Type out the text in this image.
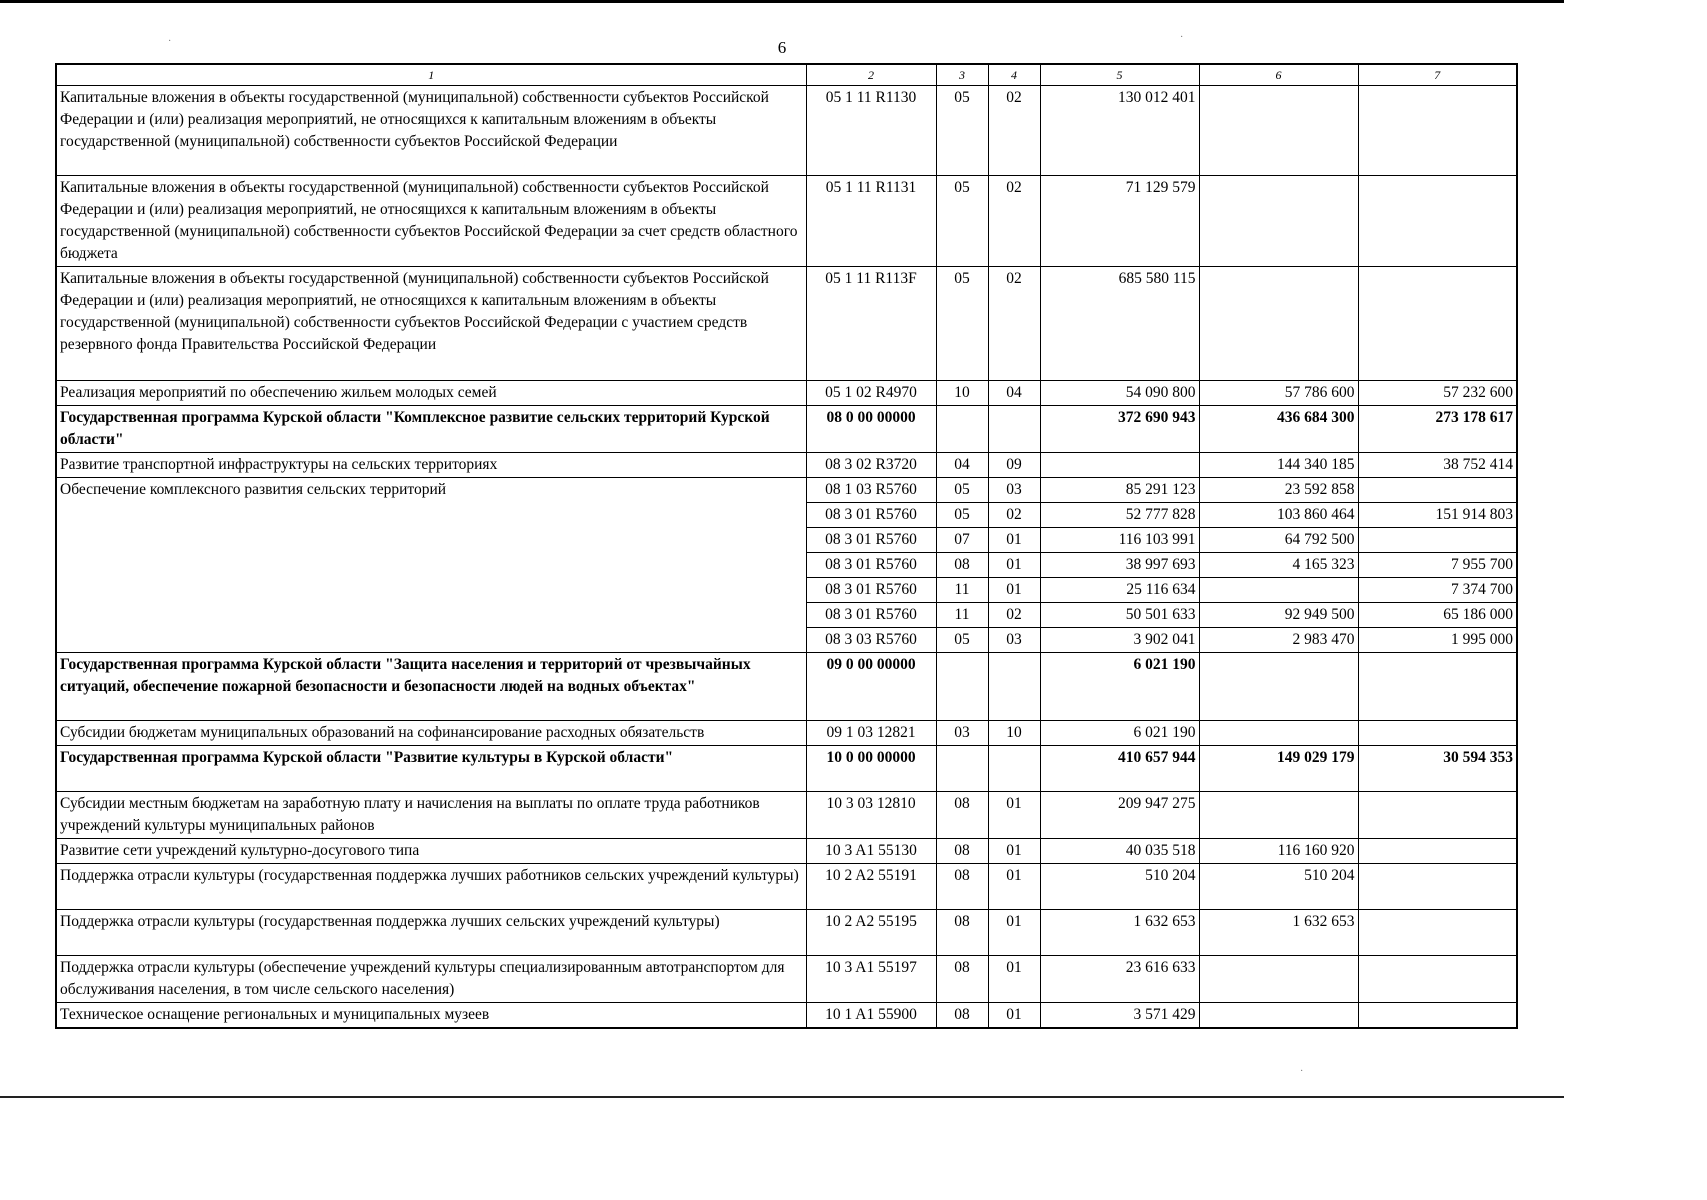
·	·
6
1	2	3	4	5	6	7
Капитальные вложения в объекты государственной (муниципальной) собственности субъектов Российской Федерации и (или) реализация мероприятий, не относящихся к капитальным вложениям в объекты государственной (муниципальной) собственности субъектов Российской Федерации	05 1 11 R1130	05	02	130 012 401		
Капитальные вложения в объекты государственной (муниципальной) собственности субъектов Российской Федерации и (или) реализация мероприятий, не относящихся к капитальным вложениям в объекты государственной (муниципальной) собственности субъектов Российской Федерации за счет средств областного бюджета	05 1 11 R1131	05	02	71 129 579		
Капитальные вложения в объекты государственной (муниципальной) собственности субъектов Российской Федерации и (или) реализация мероприятий, не относящихся к капитальным вложениям в объекты государственной (муниципальной) собственности субъектов Российской Федерации с участием средств резервного фонда Правительства Российской Федерации	05 1 11 R113F	05	02	685 580 115		
Реализация мероприятий по обеспечению жильем молодых семей	05 1 02 R4970	10	04	54 090 800	57 786 600	57 232 600
Государственная программа Курской области "Комплексное развитие сельских территорий Курской области"	08 0 00 00000			372 690 943	436 684 300	273 178 617
Развитие транспортной инфраструктуры на сельских территориях	08 3 02 R3720	04	09		144 340 185	38 752 414
Обеспечение комплексного развития сельских территорий	08 1 03 R5760	05	03	85 291 123	23 592 858	
	08 3 01 R5760	05	02	52 777 828	103 860 464	151 914 803
	08 3 01 R5760	07	01	116 103 991	64 792 500	
	08 3 01 R5760	08	01	38 997 693	4 165 323	7 955 700
	08 3 01 R5760	11	01	25 116 634		7 374 700
	08 3 01 R5760	11	02	50 501 633	92 949 500	65 186 000
	08 3 03 R5760	05	03	3 902 041	2 983 470	1 995 000
Государственная программа Курской области "Защита населения и территорий от чрезвычайных ситуаций, обеспечение пожарной безопасности и безопасности людей на водных объектах"	09 0 00 00000			6 021 190		
Субсидии бюджетам муниципальных образований на софинансирование расходных обязательств	09 1 03 12821	03	10	6 021 190		
Государственная программа Курской области "Развитие культуры в Курской области"	10 0 00 00000			410 657 944	149 029 179	30 594 353
Субсидии местным бюджетам на заработную плату и начисления на выплаты по оплате труда работников учреждений культуры муниципальных районов	10 3 03 12810	08	01	209 947 275		
Развитие сети учреждений культурно-досугового типа	10 3 A1 55130	08	01	40 035 518	116 160 920	
Поддержка отрасли культуры (государственная поддержка лучших работников сельских учреждений культуры)	10 2 A2 55191	08	01	510 204	510 204	
Поддержка отрасли культуры (государственная поддержка лучших сельских учреждений культуры)	10 2 A2 55195	08	01	1 632 653	1 632 653	
Поддержка отрасли культуры (обеспечение учреждений культуры специализированным автотранспортом для обслуживания населения, в том числе сельского населения)	10 3 A1 55197	08	01	23 616 633		
Техническое оснащение региональных и муниципальных музеев	10 1 A1 55900	08	01	3 571 429		
·
